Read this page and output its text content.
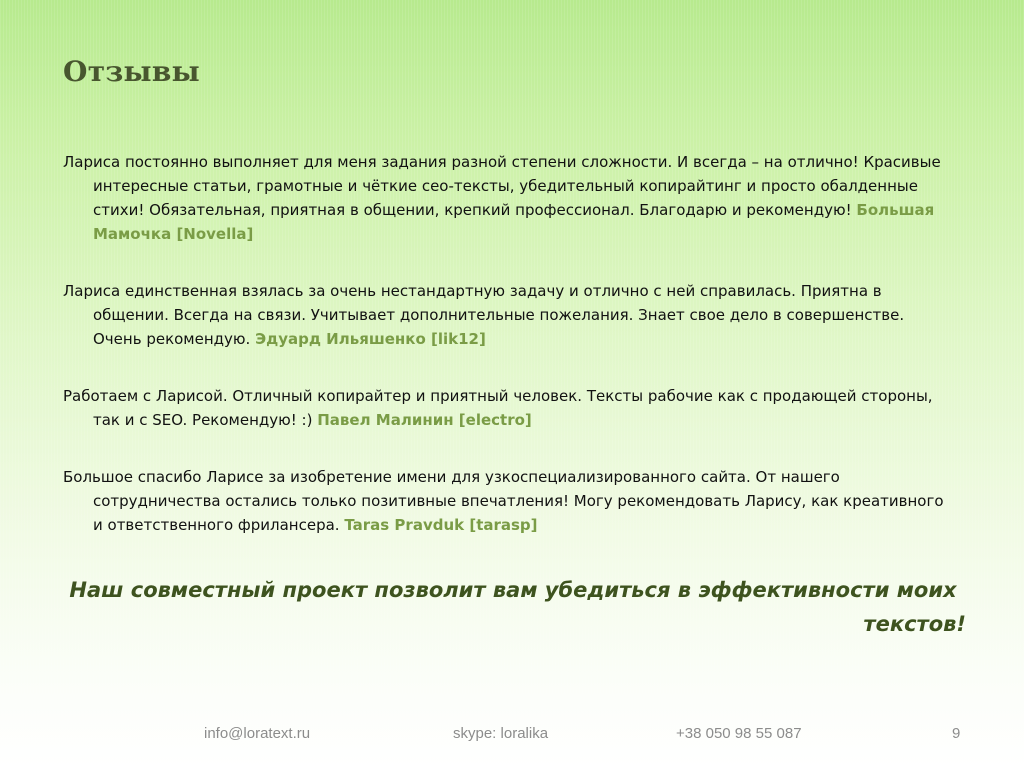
Отзывы

Лариса постоянно выполняет для меня задания разной степени сложности. И всегда – на отлично! Красивые интересные статьи, грамотные и чёткие сео-тексты, убедительный копирайтинг и просто обалденные стихи! Обязательная, приятная в общении, крепкий профессионал. Благодарю и рекомендую! Большая Мамочка [Novella]

Лариса единственная взялась за очень нестандартную задачу и отлично с ней справилась. Приятна в общении. Всегда на связи. Учитывает дополнительные пожелания. Знает свое дело в совершенстве. Очень рекомендую. Эдуард Ильяшенко [lik12]

Работаем с Ларисой. Отличный копирайтер и приятный человек. Тексты рабочие как с продающей стороны, так и с SEO. Рекомендую! :) Павел Малинин [electro]

Большое спасибо Ларисе за изобретение имени для узкоспециализированного сайта. От нашего сотрудничества остались только позитивные впечатления! Могу рекомендовать Ларису, как креативного и ответственного фрилансера. Taras Pravduk [tarasp]

Наш совместный проект позволит вам убедиться в эффективности моих текстов!

info@loratext.ru	skype: loralika	+38 050 98 55 087	9
